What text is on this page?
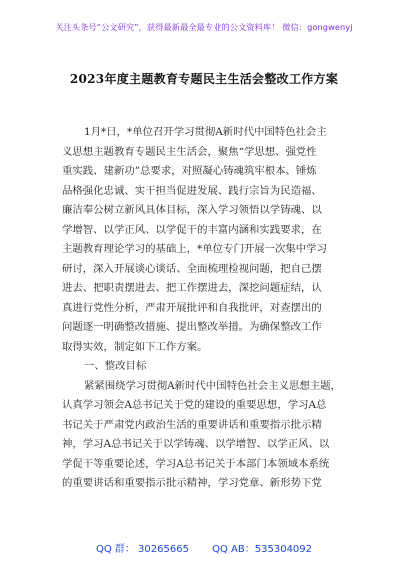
关注头条号“公文研究”，获得最新最全最专业的公文资料库！ 微信：gongwenyj
2023年度主题教育专题民主生活会整改工作方案

1月*日，*单位召开学习贯彻A新时代中国特色社会主

义思想主题教育专题民主生活会，聚焦“学思想、强党性

重实践、建新功”总要求，对照凝心铸魂筑牢根本、锤炼

品格强化忠诚、实干担当促进发展、践行宗旨为民造福、

廉洁奉公树立新风具体目标，深入学习领悟以学铸魂、以

学增智、以学正风、以学促干的丰富内涵和实践要求，在

主题教育理论学习的基础上，*单位专门开展一次集中学习

研讨，深入开展谈心谈话、全面梳理检视问题，把自己摆

进去、把职责摆进去、把工作摆进去，深挖问题症结，认

真进行党性分析，严肃开展批评和自我批评，对查摆出的

问题逐一明确整改措施、提出整改举措。为确保整改工作

取得实效，制定如下工作方案。

一、整改目标

紧紧围绕学习贯彻A新时代中国特色社会主义思想主题，

认真学习领会A总书记关于党的建设的重要思想，学习A总

书记关于严肃党内政治生活的重要讲话和重要指示批示精

神，学习A总书记关于以学铸魂、以学增智、以学正风、以

学促干等重要论述，学习A总书记关于本部门本领域本系统

的重要讲话和重要指示批示精神，学习党章、新形势下党

QQ 群： 30265665 QQ AB：535304092
